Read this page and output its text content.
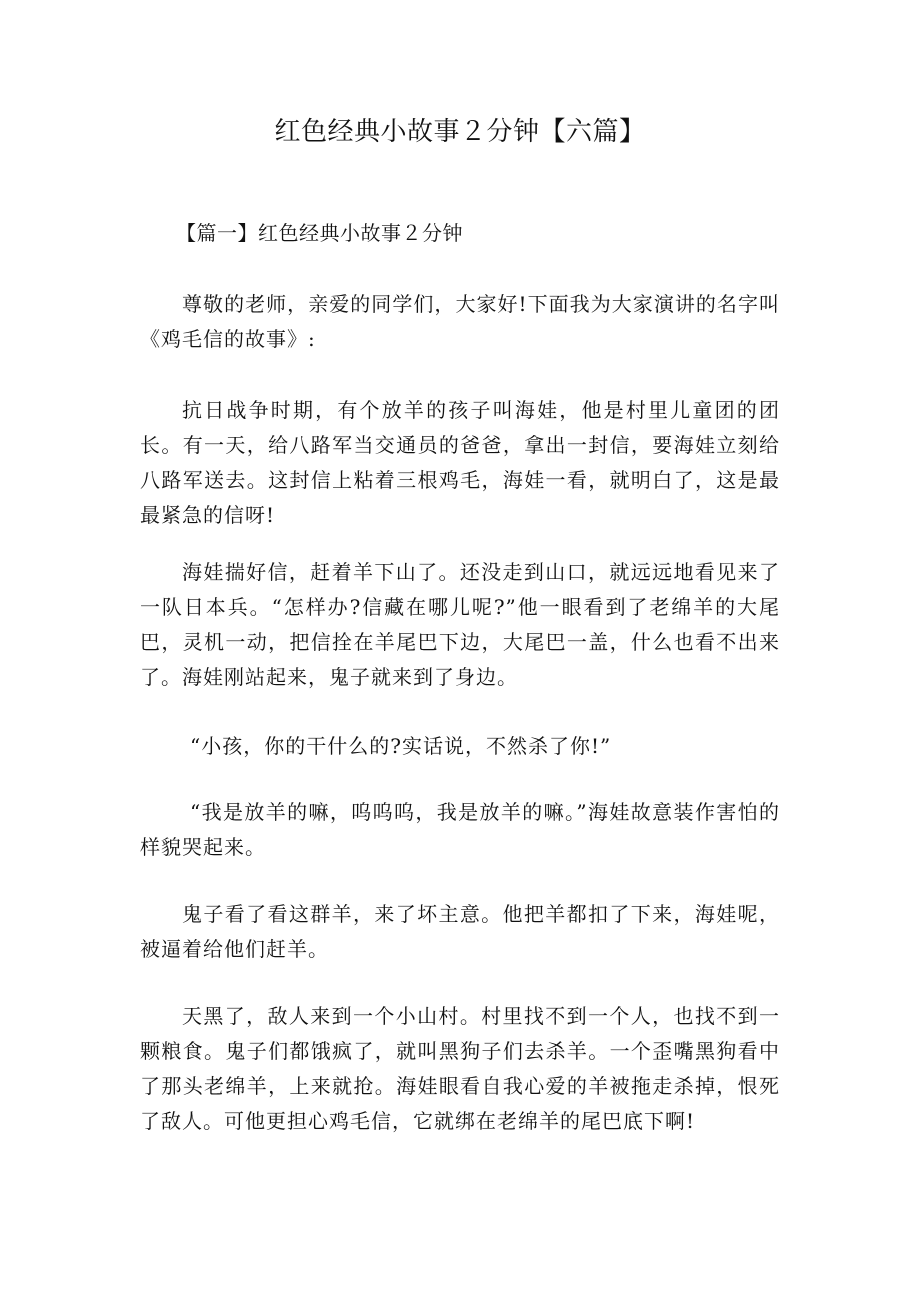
红色经典小故事２分钟【六篇】
【篇一】红色经典小故事２分钟

尊敬的老师，亲爱的同学们，大家好!下面我为大家演讲的名字叫《鸡毛信的故事》:

抗日战争时期，有个放羊的孩子叫海娃，他是村里儿童团的团长。有一天，给八路军当交通员的爸爸，拿出一封信，要海娃立刻给八路军送去。这封信上粘着三根鸡毛，海娃一看，就明白了，这是最最紧急的信呀!

海娃揣好信，赶着羊下山了。还没走到山口，就远远地看见来了一队日本兵。“怎样办?信藏在哪儿呢?”他一眼看到了老绵羊的大尾巴，灵机一动，把信拴在羊尾巴下边，大尾巴一盖，什么也看不出来了。海娃刚站起来，鬼子就来到了身边。

“小孩，你的干什么的?实话说，不然杀了你!”

“我是放羊的嘛，呜呜呜，我是放羊的嘛。”海娃故意装作害怕的样貌哭起来。

鬼子看了看这群羊，来了坏主意。他把羊都扣了下来，海娃呢，被逼着给他们赶羊。

天黑了，敌人来到一个小山村。村里找不到一个人，也找不到一颗粮食。鬼子们都饿疯了，就叫黑狗子们去杀羊。一个歪嘴黑狗看中了那头老绵羊，上来就抢。海娃眼看自我心爱的羊被拖走杀掉，恨死了敌人。可他更担心鸡毛信，它就绑在老绵羊的尾巴底下啊!
